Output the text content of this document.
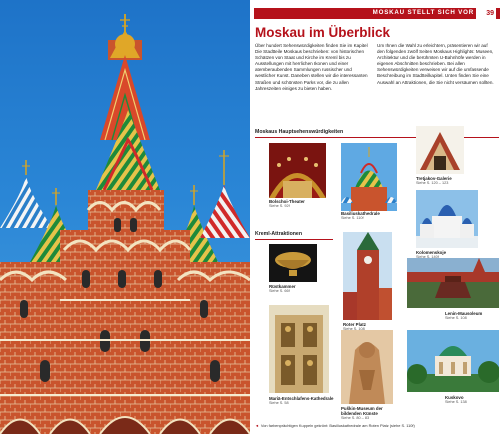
MOSKAU STELLT SICH VOR	39
Moskau im Überblick
Über hundert Sehenswürdigkeiten finden Sie im Kapitel Die Stadtteile Moskaus beschrieben: von historischen Schätzen von Staat und Kirche im Kreml bis zu Ausstellungen mit herrlichen Ikonen und einer atemberaubenden Sammlungen russischer und westlicher Kunst. Daneben stellen wir die interessanten Straßen und schönsten Parks vor, die zu allen Jahreszeiten einiges zu bieten haben.
Um Ihnen die Wahl zu erleichtern, präsentieren wir auf den folgenden zwölf Seiten Moskaus Highlights: Museen, Architektur und die berühmten U-Bahnhöfe werden in eigenen Abschnitten beschrieben. Bei allen Sehenswürdigkeiten verweisen wir auf die umfassende Beschreibung im Stadtteilkapitel. Unten finden Sie eine Auswahl an Attraktionen, die Sie nicht versäumen sollten.
Moskaus Hauptsehenswürdigkeiten
Bolschoi-Theater
Siehe S. 92f
Basiliuskathedrale
Siehe S. 110f
Tretjakov-Galerie
Siehe S. 120 – 123
Kolomenskoje
Kreml-Attraktionen
Rüstkammer
Siehe S. 66f
Roter Platz
Lenin-Mausoleum
Siehe S. 108
Mariä-Entschlafens-Kathedrale
Siehe S. 58
Puškin-Museum der bildenden Künste
Siehe S. 80 – 83
Kuskovo
Siehe S. 138
◄ Von farbenprächtigen Kuppeln gekrönt: Basiliuskathedrale am Roten Platz (siehe S. 110f)
